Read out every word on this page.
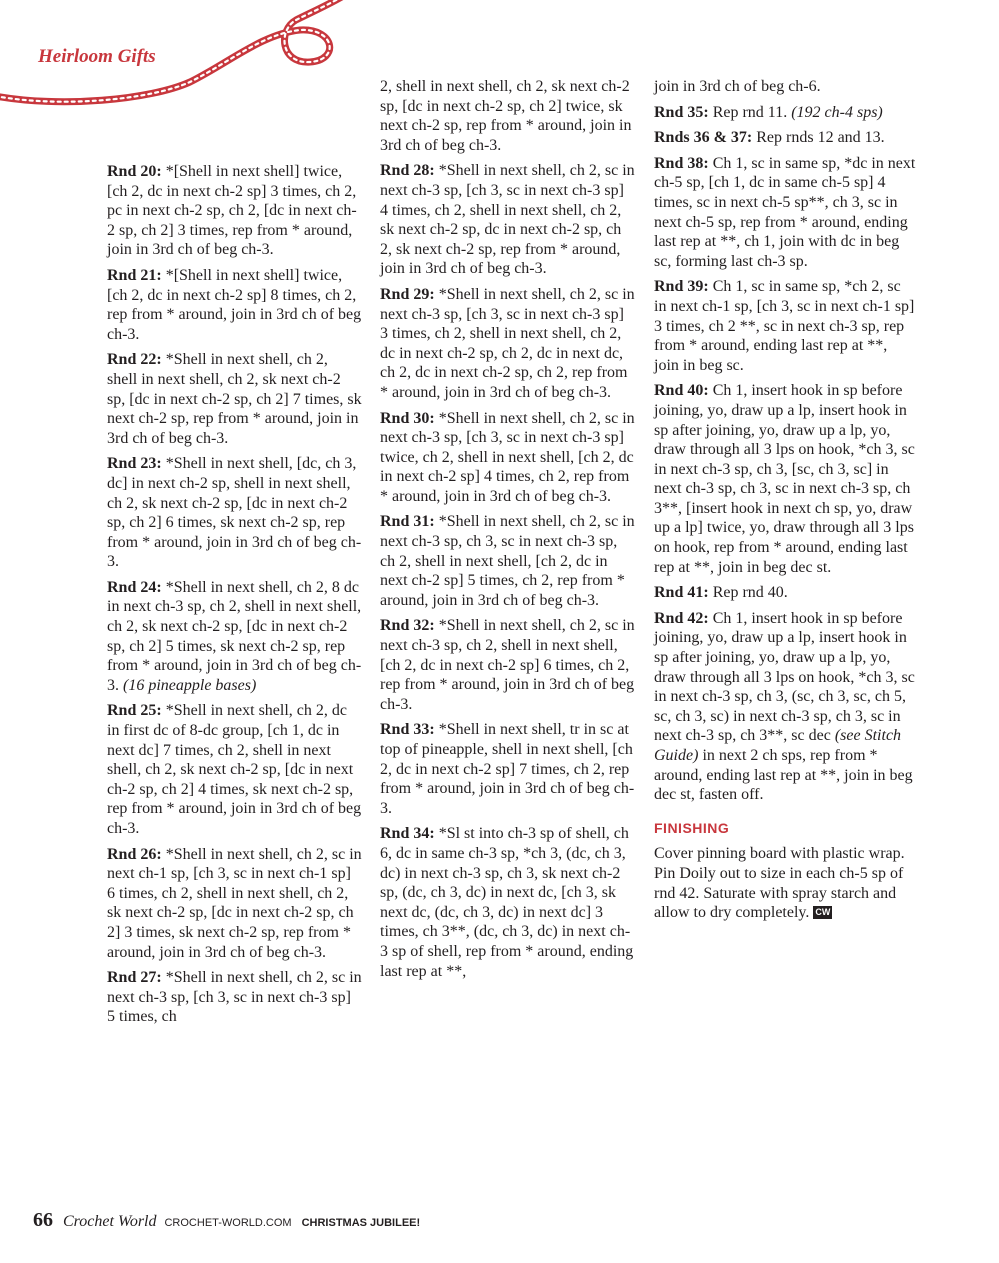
Heirloom Gifts

Rnd 20: *[Shell in next shell] twice, [ch 2, dc in next ch-2 sp] 3 times, ch 2, pc in next ch-2 sp, ch 2, [dc in next ch-2 sp, ch 2] 3 times, rep from * around, join in 3rd ch of beg ch-3.

Rnd 21: *[Shell in next shell] twice, [ch 2, dc in next ch-2 sp] 8 times, ch 2, rep from * around, join in 3rd ch of beg ch-3.

Rnd 22: *Shell in next shell, ch 2, shell in next shell, ch 2, sk next ch-2 sp, [dc in next ch-2 sp, ch 2] 7 times, sk next ch-2 sp, rep from * around, join in 3rd ch of beg ch-3.

Rnd 23: *Shell in next shell, [dc, ch 3, dc] in next ch-2 sp, shell in next shell, ch 2, sk next ch-2 sp, [dc in next ch-2 sp, ch 2] 6 times, sk next ch-2 sp, rep from * around, join in 3rd ch of beg ch-3.

Rnd 24: *Shell in next shell, ch 2, 8 dc in next ch-3 sp, ch 2, shell in next shell, ch 2, sk next ch-2 sp, [dc in next ch-2 sp, ch 2] 5 times, sk next ch-2 sp, rep from * around, join in 3rd ch of beg ch-3. (16 pineapple bases)

Rnd 25: *Shell in next shell, ch 2, dc in first dc of 8-dc group, [ch 1, dc in next dc] 7 times, ch 2, shell in next shell, ch 2, sk next ch-2 sp, [dc in next ch-2 sp, ch 2] 4 times, sk next ch-2 sp, rep from * around, join in 3rd ch of beg ch-3.

Rnd 26: *Shell in next shell, ch 2, sc in next ch-1 sp, [ch 3, sc in next ch-1 sp] 6 times, ch 2, shell in next shell, ch 2, sk next ch-2 sp, [dc in next ch-2 sp, ch 2] 3 times, sk next ch-2 sp, rep from * around, join in 3rd ch of beg ch-3.

Rnd 27: *Shell in next shell, ch 2, sc in next ch-3 sp, [ch 3, sc in next ch-3 sp] 5 times, ch

2, shell in next shell, ch 2, sk next ch-2 sp, [dc in next ch-2 sp, ch 2] twice, sk next ch-2 sp, rep from * around, join in 3rd ch of beg ch-3.

Rnd 28: *Shell in next shell, ch 2, sc in next ch-3 sp, [ch 3, sc in next ch-3 sp] 4 times, ch 2, shell in next shell, ch 2, sk next ch-2 sp, dc in next ch-2 sp, ch 2, sk next ch-2 sp, rep from * around, join in 3rd ch of beg ch-3.

Rnd 29: *Shell in next shell, ch 2, sc in next ch-3 sp, [ch 3, sc in next ch-3 sp] 3 times, ch 2, shell in next shell, ch 2, dc in next ch-2 sp, ch 2, dc in next dc, ch 2, dc in next ch-2 sp, ch 2, rep from * around, join in 3rd ch of beg ch-3.

Rnd 30: *Shell in next shell, ch 2, sc in next ch-3 sp, [ch 3, sc in next ch-3 sp] twice, ch 2, shell in next shell, [ch 2, dc in next ch-2 sp] 4 times, ch 2, rep from * around, join in 3rd ch of beg ch-3.

Rnd 31: *Shell in next shell, ch 2, sc in next ch-3 sp, ch 3, sc in next ch-3 sp, ch 2, shell in next shell, [ch 2, dc in next ch-2 sp] 5 times, ch 2, rep from * around, join in 3rd ch of beg ch-3.

Rnd 32: *Shell in next shell, ch 2, sc in next ch-3 sp, ch 2, shell in next shell, [ch 2, dc in next ch-2 sp] 6 times, ch 2, rep from * around, join in 3rd ch of beg ch-3.

Rnd 33: *Shell in next shell, tr in sc at top of pineapple, shell in next shell, [ch 2, dc in next ch-2 sp] 7 times, ch 2, rep from * around, join in 3rd ch of beg ch-3.

Rnd 34: *Sl st into ch-3 sp of shell, ch 6, dc in same ch-3 sp, *ch 3, (dc, ch 3, dc) in next ch-3 sp, ch 3, sk next ch-2 sp, (dc, ch 3, dc) in next dc, [ch 3, sk next dc, (dc, ch 3, dc) in next dc] 3 times, ch 3**, (dc, ch 3, dc) in next ch-3 sp of shell, rep from * around, ending last rep at **,

join in 3rd ch of beg ch-6.

Rnd 35: Rep rnd 11. (192 ch-4 sps)

Rnds 36 & 37: Rep rnds 12 and 13.

Rnd 38: Ch 1, sc in same sp, *dc in next ch-5 sp, [ch 1, dc in same ch-5 sp] 4 times, sc in next ch-5 sp**, ch 3, sc in next ch-5 sp, rep from * around, ending last rep at **, ch 1, join with dc in beg sc, forming last ch-3 sp.

Rnd 39: Ch 1, sc in same sp, *ch 2, sc in next ch-1 sp, [ch 3, sc in next ch-1 sp] 3 times, ch 2 **, sc in next ch-3 sp, rep from * around, ending last rep at **, join in beg sc.

Rnd 40: Ch 1, insert hook in sp before joining, yo, draw up a lp, insert hook in sp after joining, yo, draw up a lp, yo, draw through all 3 lps on hook, *ch 3, sc in next ch-3 sp, ch 3, [sc, ch 3, sc] in next ch-3 sp, ch 3, sc in next ch-3 sp, ch 3**, [insert hook in next ch sp, yo, draw up a lp] twice, yo, draw through all 3 lps on hook, rep from * around, ending last rep at **, join in beg dec st.

Rnd 41: Rep rnd 40.

Rnd 42: Ch 1, insert hook in sp before joining, yo, draw up a lp, insert hook in sp after joining, yo, draw up a lp, yo, draw through all 3 lps on hook, *ch 3, sc in next ch-3 sp, ch 3, (sc, ch 3, sc, ch 5, sc, ch 3, sc) in next ch-3 sp, ch 3, sc in next ch-3 sp, ch 3**, sc dec (see Stitch Guide) in next 2 ch sps, rep from * around, ending last rep at **, join in beg dec st, fasten off.

FINISHING

Cover pinning board with plastic wrap. Pin Doily out to size in each ch-5 sp of rnd 42. Saturate with spray starch and allow to dry completely. CW

66 Crochet World CROCHET-WORLD.COM CHRISTMAS JUBILEE!
